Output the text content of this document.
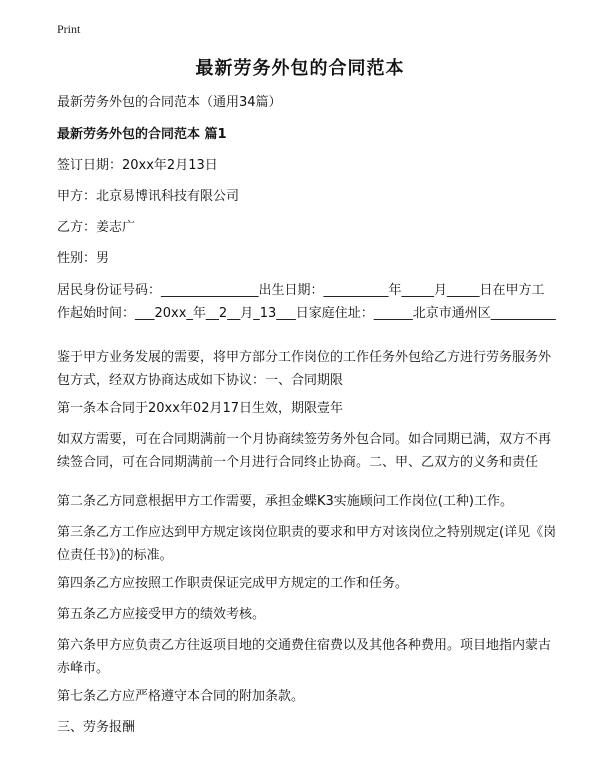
Print
最新劳务外包的合同范本
最新劳务外包的合同范本（通用34篇）
最新劳务外包的合同范本 篇1
签订日期：20xx年2月13日
甲方：北京易博讯科技有限公司
乙方：姜志广
性别：男
居民身份证号码：_______________出生日期：__________年_____月_____日在甲方工作起始时间：___20xx_年__2__月_13___日家庭住址：______北京市通州区__________
鉴于甲方业务发展的需要，将甲方部分工作岗位的工作任务外包给乙方进行劳务服务外包方式，经双方协商达成如下协议：一、合同期限
第一条本合同于20xx年02月17日生效，期限壹年
如双方需要，可在合同期满前一个月协商续签劳务外包合同。如合同期已满，双方不再续签合同，可在合同期满前一个月进行合同终止协商。二、甲、乙双方的义务和责任
第二条乙方同意根据甲方工作需要，承担金蝶K3实施顾问工作岗位(工种)工作。
第三条乙方工作应达到甲方规定该岗位职责的要求和甲方对该岗位之特别规定(详见《岗位责任书》)的标准。
第四条乙方应按照工作职责保证完成甲方规定的工作和任务。
第五条乙方应接受甲方的绩效考核。
第六条甲方应负责乙方往返项目地的交通费住宿费以及其他各种费用。项目地指内蒙古赤峰市。
第七条乙方应严格遵守本合同的附加条款。
三、劳务报酬
